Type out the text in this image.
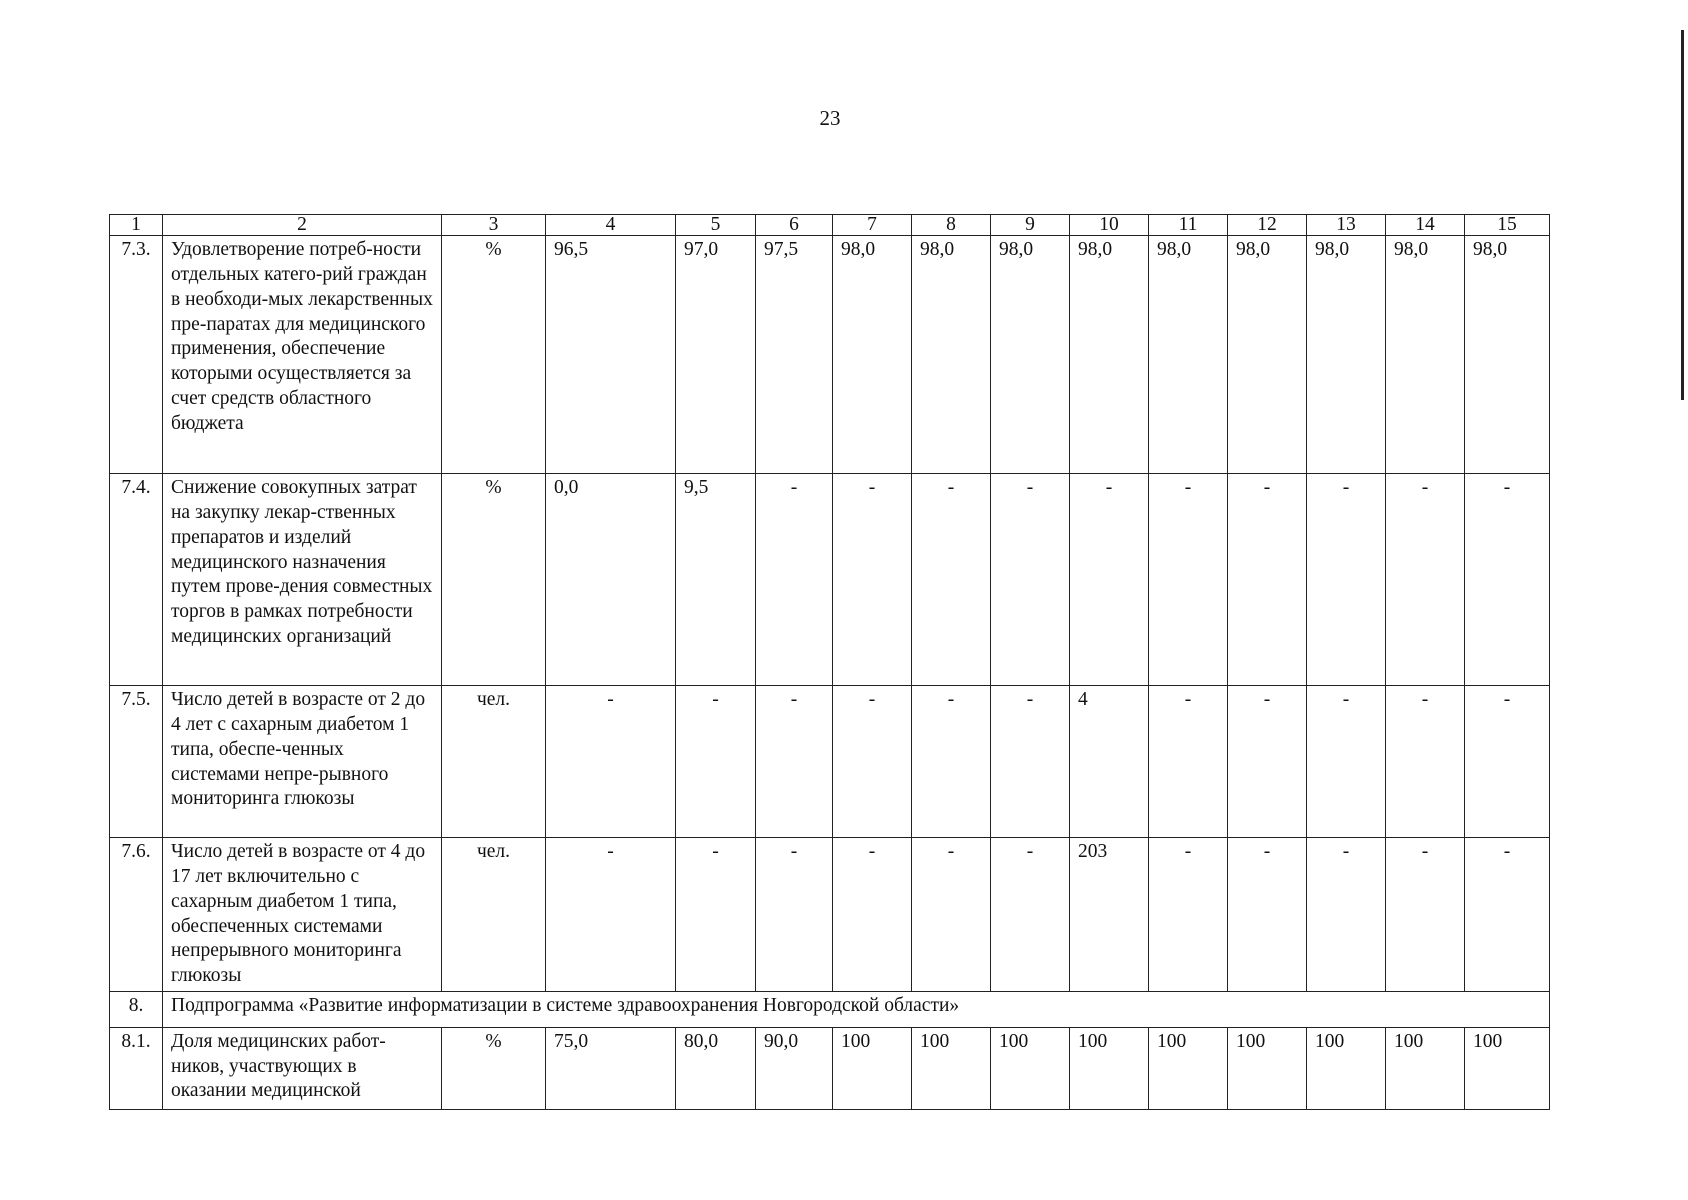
23
1	2	3	4	5	6	7	8	9	10	11	12	13	14	15
7.3.	Удовлетворение потреб-ности отдельных катего-рий граждан в необходи-мых лекарственных пре-паратах для медицинского применения, обеспечение которыми осуществляется за счет средств областного бюджета	%	96,5	97,0	97,5	98,0	98,0	98,0	98,0	98,0	98,0	98,0	98,0	98,0
7.4.	Снижение совокупных затрат на закупку лекар-ственных препаратов и изделий медицинского назначения путем прове-дения совместных торгов в рамках потребности медицинских организаций	%	0,0	9,5	-	-	-	-	-	-	-	-	-	-
7.5.	Число детей в возрасте от 2 до 4 лет с сахарным диабетом 1 типа, обеспе-ченных системами непре-рывного мониторинга глюкозы	чел.	-	-	-	-	-	-	4	-	-	-	-	-
7.6.	Число детей в возрасте от 4 до 17 лет включительно с сахарным диабетом 1 типа, обеспеченных системами непрерывного мониторинга глюкозы	чел.	-	-	-	-	-	-	203	-	-	-	-	-
8.	Подпрограмма «Развитие информатизации в системе здравоохранения Новгородской области»													
8.1.	Доля медицинских работ-ников, участвующих в оказании медицинской	%	75,0	80,0	90,0	100	100	100	100	100	100	100	100	100
